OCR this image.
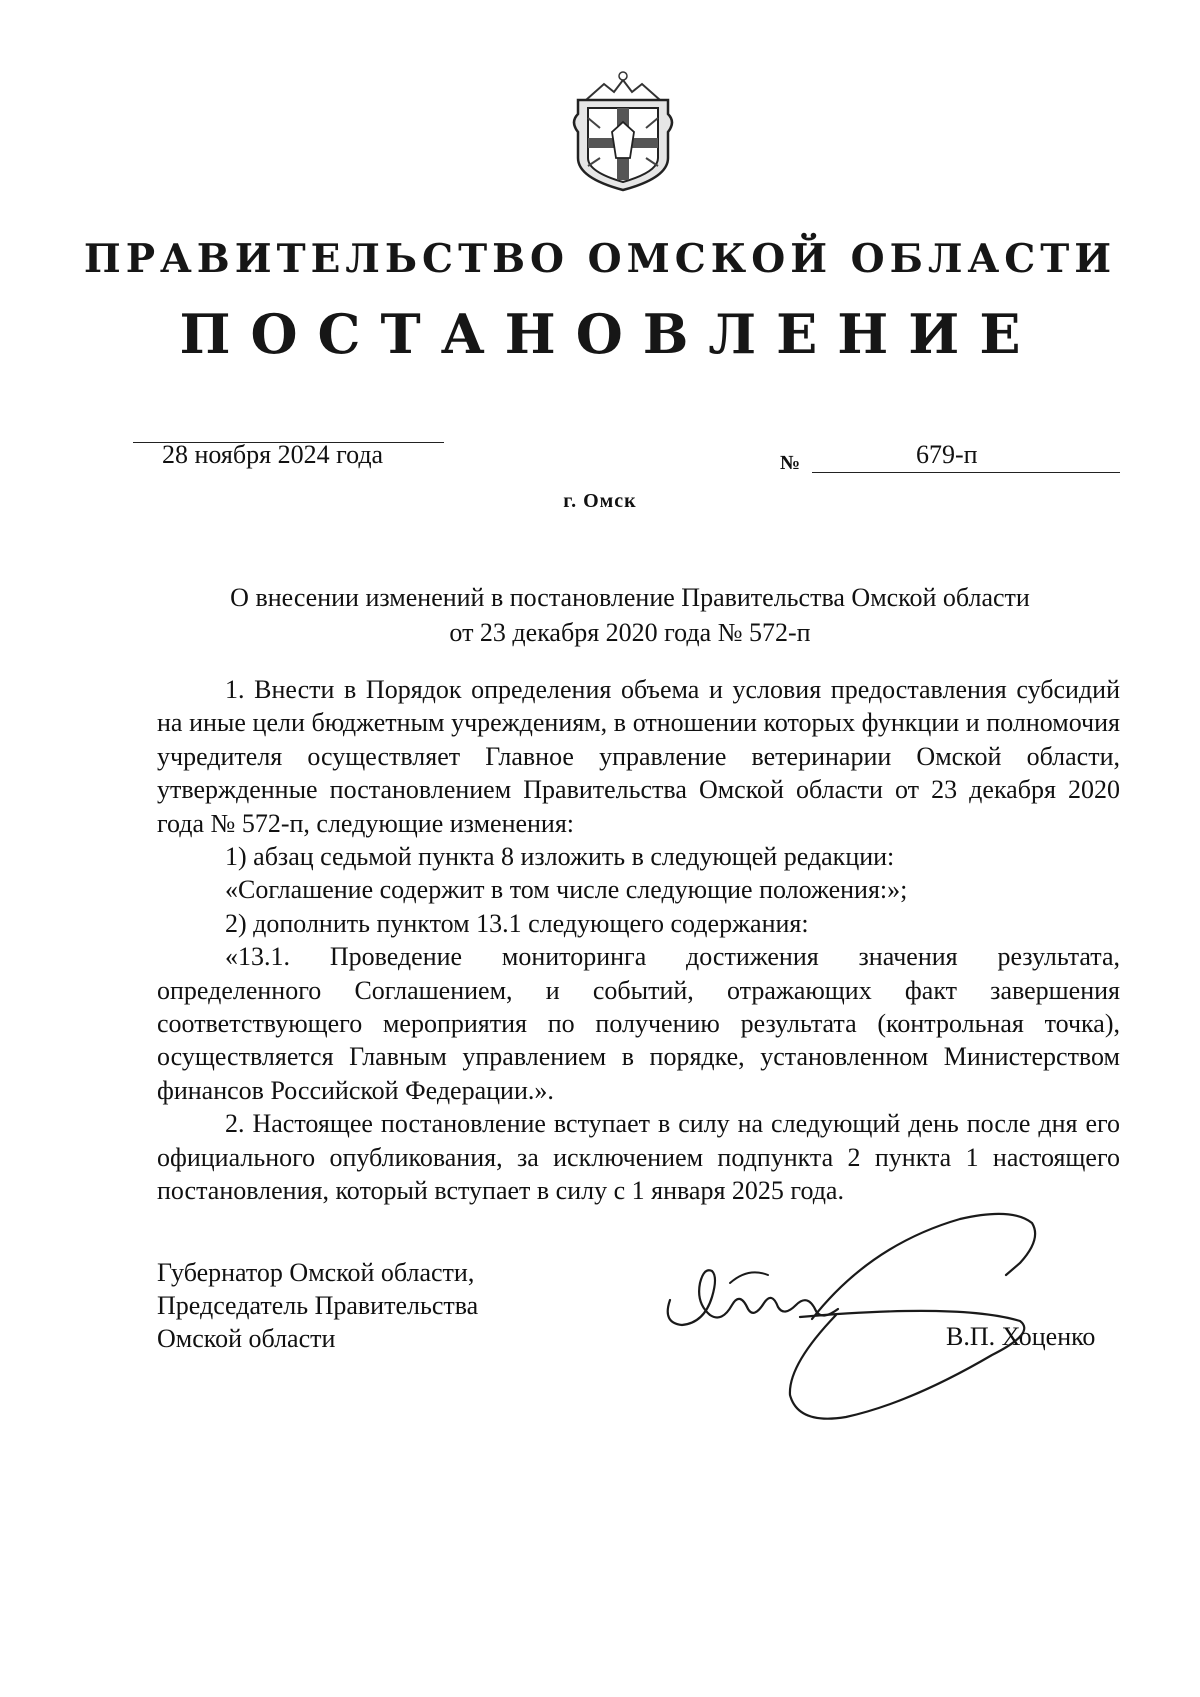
ПРАВИТЕЛЬСТВО ОМСКОЙ ОБЛАСТИ
ПОСТАНОВЛЕНИЕ
28 ноября 2024 года	№	679-п
г. Омск
О внесении изменений в постановление Правительства Омской области
от 23 декабря 2020 года № 572-п

1. Внести в Порядок определения объема и условия предоставления субсидий на иные цели бюджетным учреждениям, в отношении которых функции и полномочия учредителя осуществляет Главное управление ветеринарии Омской области, утвержденные постановлением Правительства Омской области от 23 декабря 2020 года № 572-п, следующие изменения:

1) абзац седьмой пункта 8 изложить в следующей редакции:

«Соглашение содержит в том числе следующие положения:»;

2) дополнить пунктом 13.1 следующего содержания:

«13.1. Проведение мониторинга достижения значения результата, определенного Соглашением, и событий, отражающих факт завершения соответствующего мероприятия по получению результата (контрольная точка), осуществляется Главным управлением в порядке, установленном Министерством финансов Российской Федерации.».

2. Настоящее постановление вступает в силу на следующий день после дня его официального опубликования, за исключением подпункта 2 пункта 1 настоящего постановления, который вступает в силу с 1 января 2025 года.

Губернатор Омской области,
Председатель Правительства
Омской области	В.П. Хоценко
